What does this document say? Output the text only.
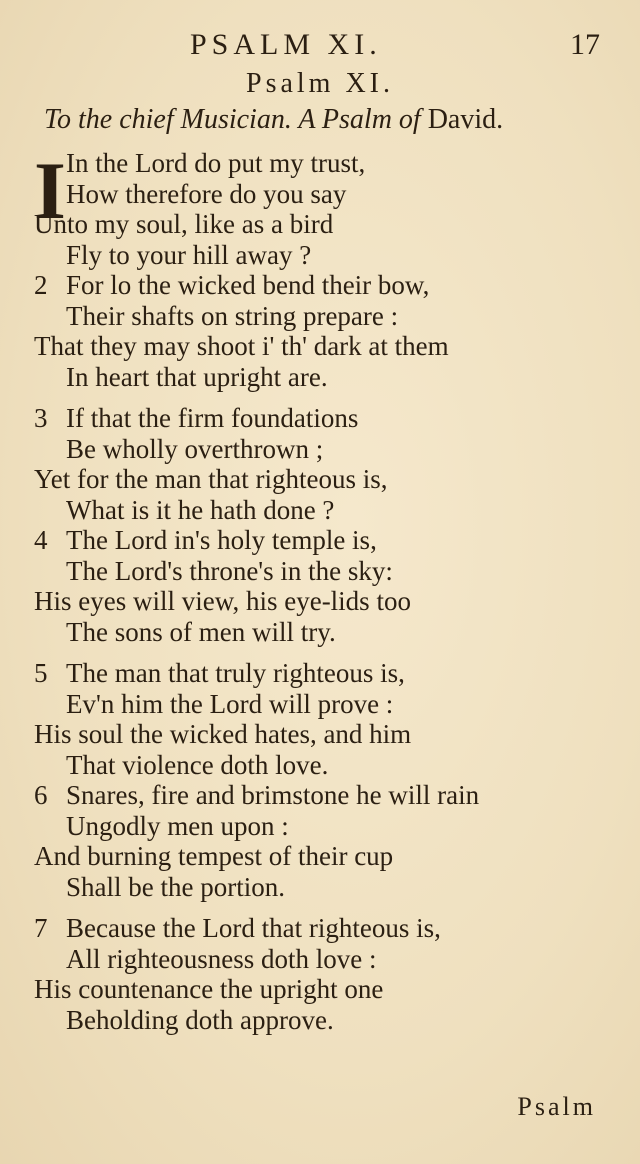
PSALM XI.	17
Psalm XI.
To the chief Musician. A Psalm of David.
I In the Lord do put my trust,
How therefore do you say
Unto my soul, like as a bird
Fly to your hill away ?
2 For lo the wicked bend their bow,
Their shafts on string prepare :
That they may shoot i' th' dark at them
In heart that upright are.
3 If that the firm foundations
Be wholly overthrown ;
Yet for the man that righteous is,
What is it he hath done ?
4 The Lord in's holy temple is,
The Lord's throne's in the sky:
His eyes will view, his eye-lids too
The sons of men will try.
5 The man that truly righteous is,
Ev'n him the Lord will prove :
His soul the wicked hates, and him
That violence doth love.
6 Snares, fire and brimstone he will rain
Ungodly men upon :
And burning tempest of their cup
Shall be the portion.
7 Because the Lord that righteous is,
All righteousness doth love :
His countenance the upright one
Beholding doth approve.
Psalm
